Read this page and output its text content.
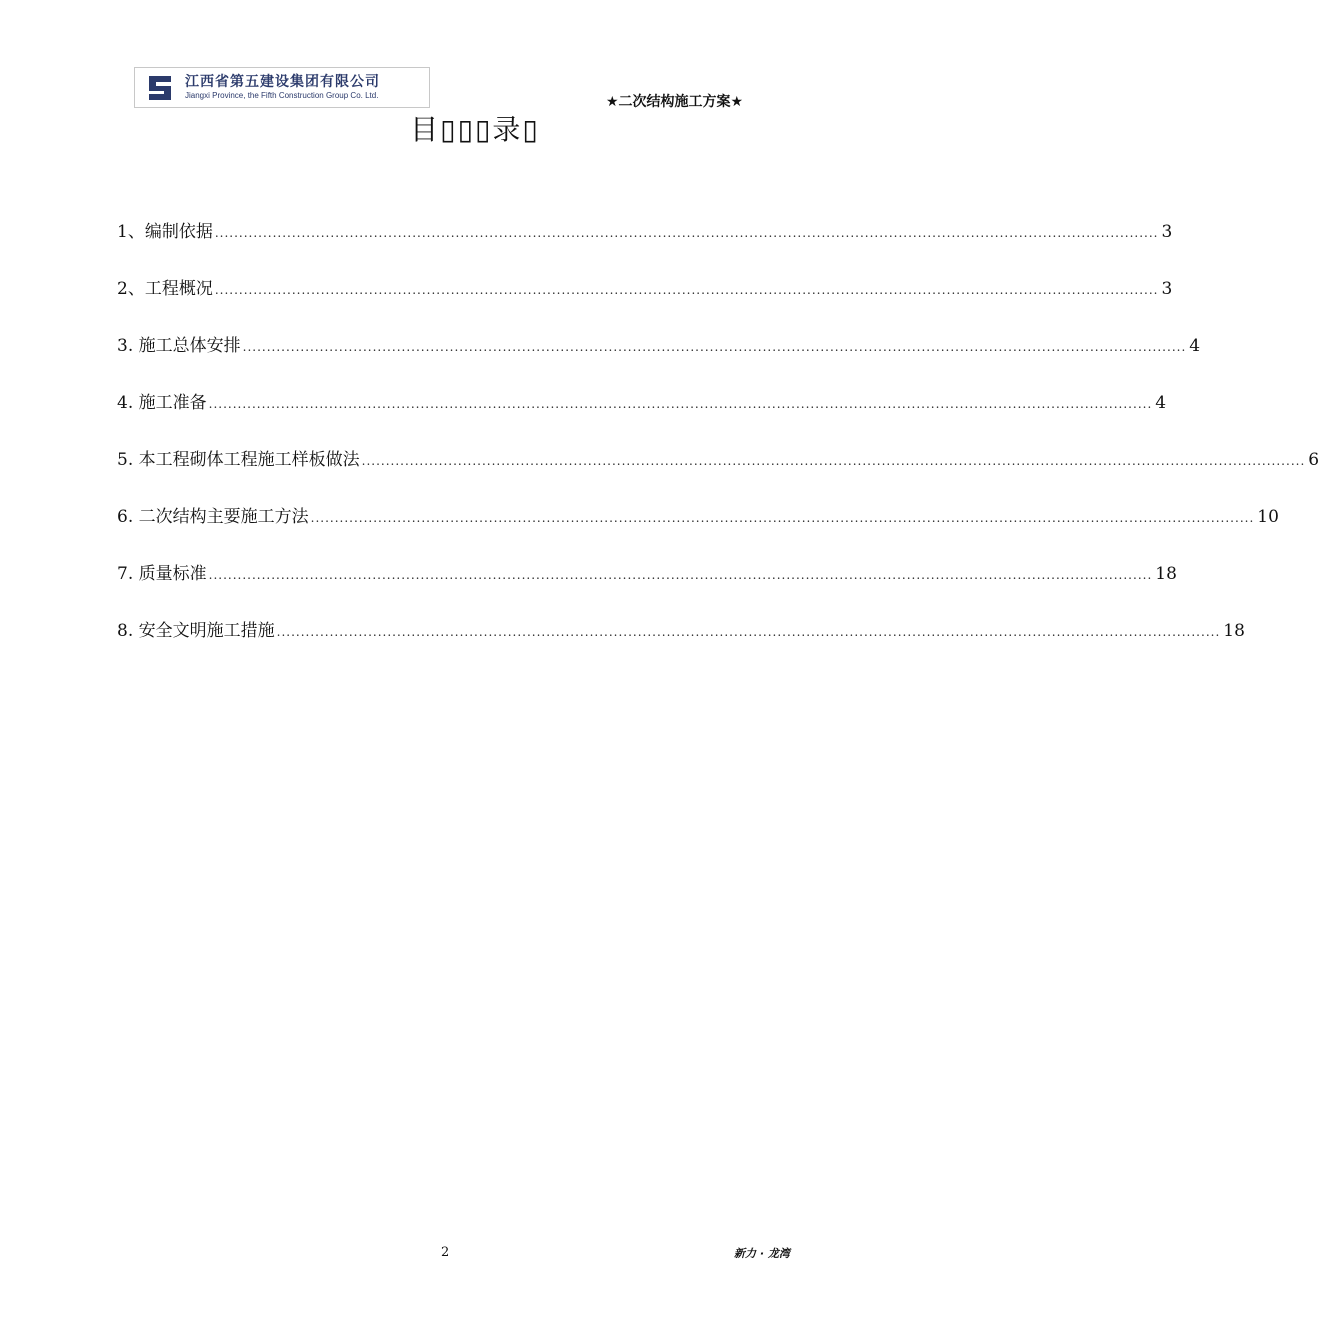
江西省第五建设集团有限公司
Jiangxi Province, the Fifth Construction Group Co. Ltd.	★二次结构施工方案★
目▯▯▯录▯
1、编制依据 .................................................................................................................................................................................................... 3
2、工程概况 .................................................................................................................................................................................................... 3
3. 施工总体安排 .................................................................................................................................................................................................... 4
4. 施工准备 .................................................................................................................................................................................................... 4
5. 本工程砌体工程施工样板做法 .................................................................................................................................................................................................... 6
6. 二次结构主要施工方法 .................................................................................................................................................................................................... 10
7. 质量标准 .................................................................................................................................................................................................... 18
8. 安全文明施工措施 .................................................................................................................................................................................................... 18
2	新力 · 龙湾
